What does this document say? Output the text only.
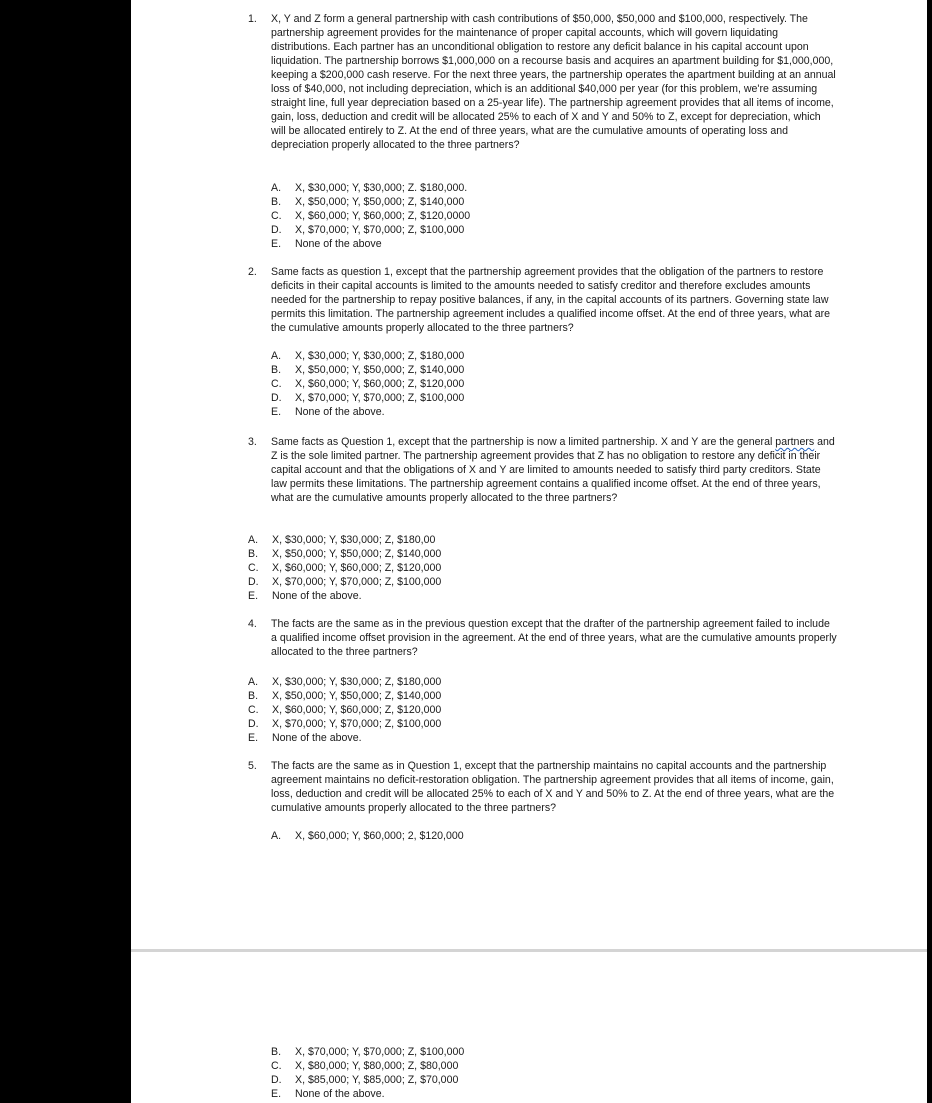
1.	X, Y and Z form a general partnership with cash contributions of $50,000, $50,000 and $100,000, respectively. The partnership agreement provides for the maintenance of proper capital accounts, which will govern liquidating distributions. Each partner has an unconditional obligation to restore any deficit balance in his capital account upon liquidation. The partnership borrows $1,000,000 on a recourse basis and acquires an apartment building for $1,000,000, keeping a $200,000 cash reserve. For the next three years, the partnership operates the apartment building at an annual loss of $40,000, not including depreciation, which is an additional $40,000 per year (for this problem, we're assuming straight line, full year depreciation based on a 25-year life). The partnership agreement provides that all items of income, gain, loss, deduction and credit will be allocated 25% to each of X and Y and 50% to Z, except for depreciation, which will be allocated entirely to Z. At the end of three years, what are the cumulative amounts of operating loss and depreciation properly allocated to the three partners?
A.	X, $30,000; Y, $30,000; Z. $180,000.
B.	X, $50,000; Y, $50,000; Z, $140,000
C.	X, $60,000; Y, $60,000; Z, $120,0000
D.	X, $70,000; Y, $70,000; Z, $100,000
E.	None of the above
2.	Same facts as question 1, except that the partnership agreement provides that the obligation of the partners to restore deficits in their capital accounts is limited to the amounts needed to satisfy creditor and therefore excludes amounts needed for the partnership to repay positive balances, if any, in the capital accounts of its partners. Governing state law permits this limitation. The partnership agreement includes a qualified income offset. At the end of three years, what are the cumulative amounts properly allocated to the three partners?
A.	X, $30,000; Y, $30,000; Z, $180,000
B.	X, $50,000; Y, $50,000; Z, $140,000
C.	X, $60,000; Y, $60,000; Z, $120,000
D.	X, $70,000; Y, $70,000; Z, $100,000
E.	None of the above.
3.	Same facts as Question 1, except that the partnership is now a limited partnership. X and Y are the general partners and Z is the sole limited partner. The partnership agreement provides that Z has no obligation to restore any deficit in their capital account and that the obligations of X and Y are limited to amounts needed to satisfy third party creditors. State law permits these limitations. The partnership agreement contains a qualified income offset. At the end of three years, what are the cumulative amounts properly allocated to the three partners?
A.	X, $30,000; Y, $30,000; Z, $180,00
B.	X, $50,000; Y, $50,000; Z, $140,000
C.	X, $60,000; Y, $60,000; Z, $120,000
D.	X, $70,000; Y, $70,000; Z, $100,000
E.	None of the above.
4.	The facts are the same as in the previous question except that the drafter of the partnership agreement failed to include a qualified income offset provision in the agreement. At the end of three years, what are the cumulative amounts properly allocated to the three partners?
A.	X, $30,000; Y, $30,000; Z, $180,000
B.	X, $50,000; Y, $50,000; Z, $140,000
C.	X, $60,000; Y, $60,000; Z, $120,000
D.	X, $70,000; Y, $70,000; Z, $100,000
E.	None of the above.
5.	The facts are the same as in Question 1, except that the partnership maintains no capital accounts and the partnership agreement maintains no deficit-restoration obligation. The partnership agreement provides that all items of income, gain, loss, deduction and credit will be allocated 25% to each of X and Y and 50% to Z. At the end of three years, what are the cumulative amounts properly allocated to the three partners?
A.	X, $60,000; Y, $60,000; 2, $120,000
B.	X, $70,000; Y, $70,000; Z, $100,000
C.	X, $80,000; Y, $80,000; Z, $80,000
D.	X, $85,000; Y, $85,000; Z, $70,000
E.	None of the above.
